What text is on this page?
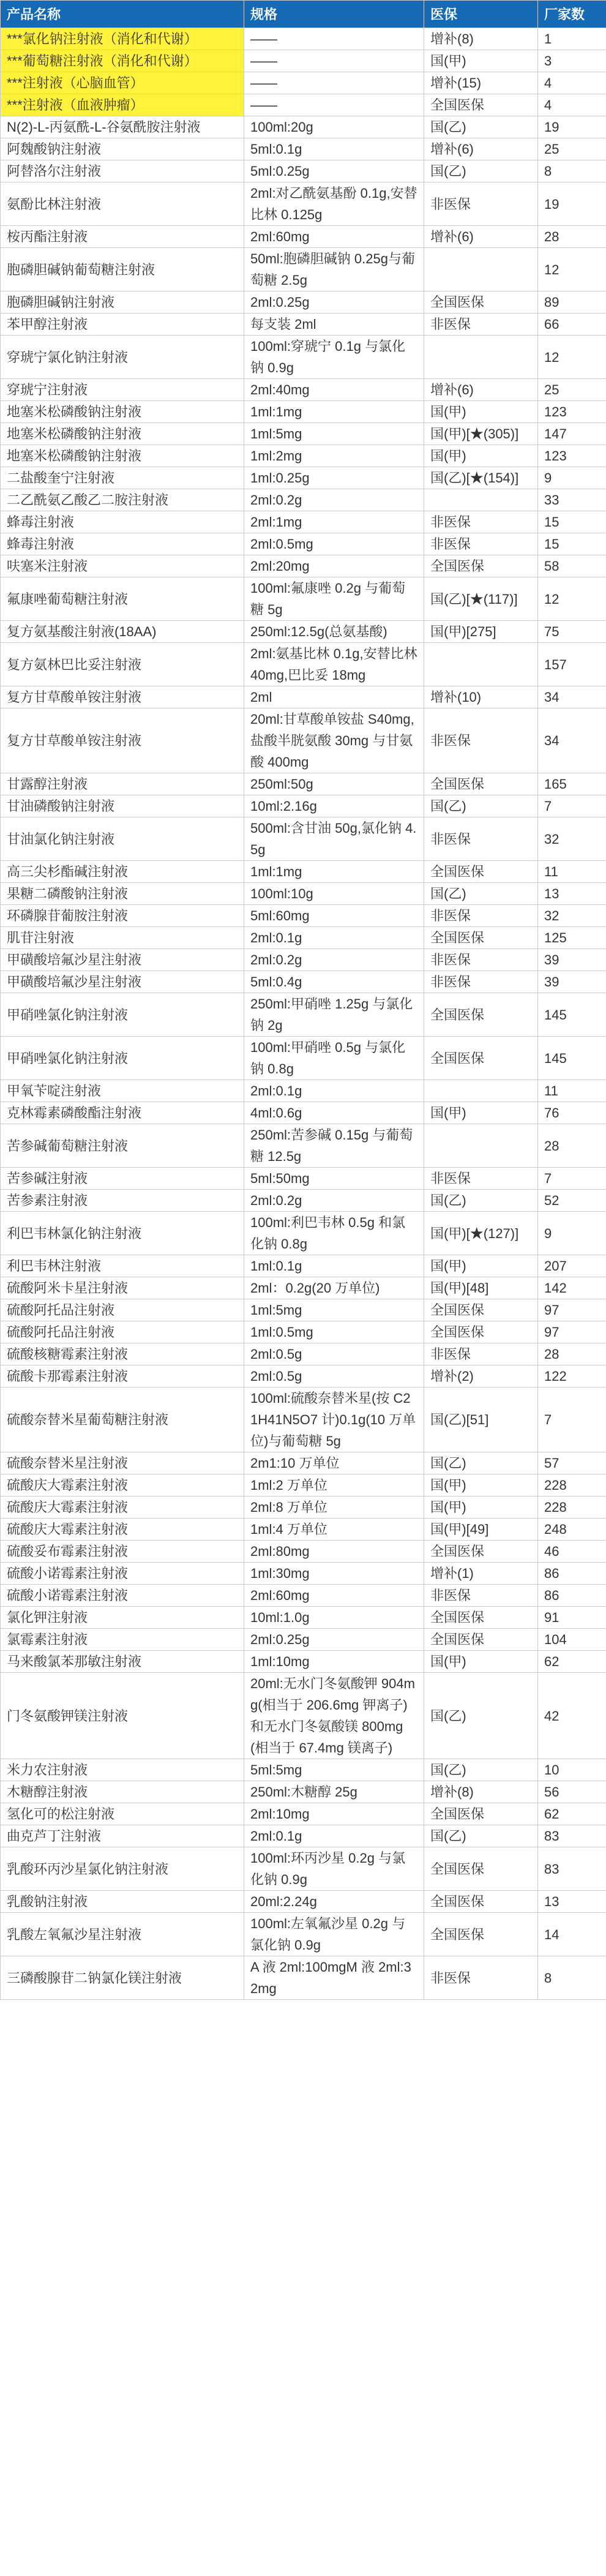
产品名称	规格	医保	厂家数
***氯化钠注射液（消化和代谢）	——	增补(8)	1
***葡萄糖注射液（消化和代谢）	——	国(甲)	3
***注射液（心脑血管）	——	增补(15)	4
***注射液（血液肿瘤）	——	全国医保	4
N(2)-L-丙氨酰-L-谷氨酰胺注射液	100ml:20g	国(乙)	19
阿魏酸钠注射液	5ml:0.1g	增补(6)	25
阿替洛尔注射液	5ml:0.25g	国(乙)	8
氨酚比林注射液	2ml:对乙酰氨基酚 0.1g,安替比林 0.125g	非医保	19
桉丙酯注射液	2ml:60mg	增补(6)	28
胞磷胆碱钠葡萄糖注射液	50ml:胞磷胆碱钠 0.25g与葡萄糖 2.5g		12
胞磷胆碱钠注射液	2ml:0.25g	全国医保	89
苯甲醇注射液	每支装 2ml	非医保	66
穿琥宁氯化钠注射液	100ml:穿琥宁 0.1g 与氯化钠 0.9g		12
穿琥宁注射液	2ml:40mg	增补(6)	25
地塞米松磷酸钠注射液	1ml:1mg	国(甲)	123
地塞米松磷酸钠注射液	1ml:5mg	国(甲)[★(305)]	147
地塞米松磷酸钠注射液	1ml:2mg	国(甲)	123
二盐酸奎宁注射液	1ml:0.25g	国(乙)[★(154)]	9
二乙酰氨乙酸乙二胺注射液	2ml:0.2g		33
蜂毒注射液	2ml:1mg	非医保	15
蜂毒注射液	2ml:0.5mg	非医保	15
呋塞米注射液	2ml:20mg	全国医保	58
氟康唑葡萄糖注射液	100ml:氟康唑 0.2g 与葡萄糖 5g	国(乙)[★(117)]	12
复方氨基酸注射液(18AA)	250ml:12.5g(总氨基酸)	国(甲)[275]	75
复方氨林巴比妥注射液	2ml:氨基比林 0.1g,安替比林 40mg,巴比妥 18mg		157
复方甘草酸单铵注射液	2ml	增补(10)	34
复方甘草酸单铵注射液	20ml:甘草酸单铵盐 S40mg,盐酸半胱氨酸 30mg 与甘氨酸 400mg	非医保	34
甘露醇注射液	250ml:50g	全国医保	165
甘油磷酸钠注射液	10ml:2.16g	国(乙)	7
甘油氯化钠注射液	500ml:含甘油 50g,氯化钠 4.5g	非医保	32
高三尖杉酯碱注射液	1ml:1mg	全国医保	11
果糖二磷酸钠注射液	100ml:10g	国(乙)	13
环磷腺苷葡胺注射液	5ml:60mg	非医保	32
肌苷注射液	2ml:0.1g	全国医保	125
甲磺酸培氟沙星注射液	2ml:0.2g	非医保	39
甲磺酸培氟沙星注射液	5ml:0.4g	非医保	39
甲硝唑氯化钠注射液	250ml:甲硝唑 1.25g 与氯化钠 2g	全国医保	145
甲硝唑氯化钠注射液	100ml:甲硝唑 0.5g 与氯化钠 0.8g	全国医保	145
甲氧苄啶注射液	2ml:0.1g		11
克林霉素磷酸酯注射液	4ml:0.6g	国(甲)	76
苦参碱葡萄糖注射液	250ml:苦参碱 0.15g 与葡萄糖 12.5g		28
苦参碱注射液	5ml:50mg	非医保	7
苦参素注射液	2ml:0.2g	国(乙)	52
利巴韦林氯化钠注射液	100ml:利巴韦林 0.5g 和氯化钠 0.8g	国(甲)[★(127)]	9
利巴韦林注射液	1ml:0.1g	国(甲)	207
硫酸阿米卡星注射液	2ml：0.2g(20 万单位)	国(甲)[48]	142
硫酸阿托品注射液	1ml:5mg	全国医保	97
硫酸阿托品注射液	1ml:0.5mg	全国医保	97
硫酸核糖霉素注射液	2ml:0.5g	非医保	28
硫酸卡那霉素注射液	2ml:0.5g	增补(2)	122
硫酸奈替米星葡萄糖注射液	100ml:硫酸奈替米星(按 C21H41N5O7 计)0.1g(10 万单位)与葡萄糖 5g	国(乙)[51]	7
硫酸奈替米星注射液	2m1:10 万单位	国(乙)	57
硫酸庆大霉素注射液	1ml:2 万单位	国(甲)	228
硫酸庆大霉素注射液	2ml:8 万单位	国(甲)	228
硫酸庆大霉素注射液	1ml:4 万单位	国(甲)[49]	248
硫酸妥布霉素注射液	2ml:80mg	全国医保	46
硫酸小诺霉素注射液	1ml:30mg	增补(1)	86
硫酸小诺霉素注射液	2ml:60mg	非医保	86
氯化钾注射液	10ml:1.0g	全国医保	91
氯霉素注射液	2ml:0.25g	全国医保	104
马来酸氯苯那敏注射液	1ml:10mg	国(甲)	62
门冬氨酸钾镁注射液	20ml:无水门冬氨酸钾 904mg(相当于 206.6mg 钾离子)和无水门冬氨酸镁 800mg(相当于 67.4mg 镁离子)	国(乙)	42
米力农注射液	5ml:5mg	国(乙)	10
木糖醇注射液	250ml:木糖醇 25g	增补(8)	56
氢化可的松注射液	2ml:10mg	全国医保	62
曲克芦丁注射液	2ml:0.1g	国(乙)	83
乳酸环丙沙星氯化钠注射液	100ml:环丙沙星 0.2g 与氯化钠 0.9g	全国医保	83
乳酸钠注射液	20ml:2.24g	全国医保	13
乳酸左氧氟沙星注射液	100ml:左氧氟沙星 0.2g 与氯化钠 0.9g	全国医保	14
三磷酸腺苷二钠氯化镁注射液	A 液 2ml:100mgM 液 2ml:32mg	非医保	8
